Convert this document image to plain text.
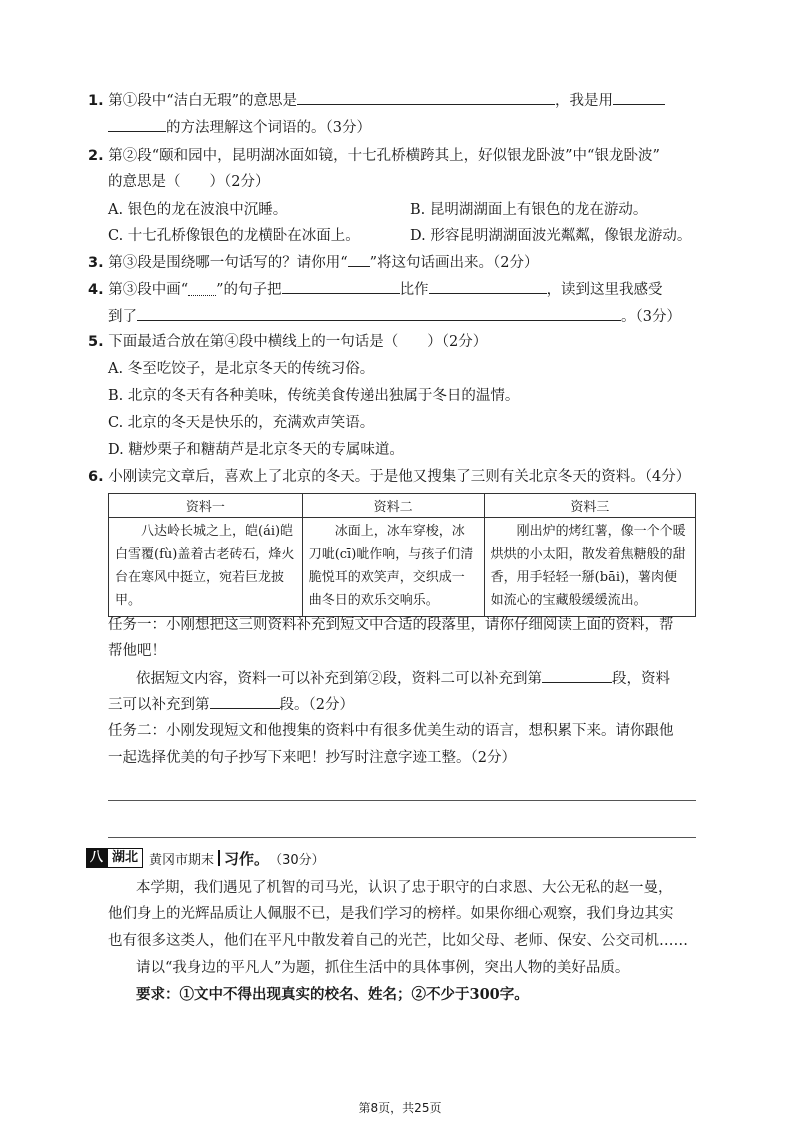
1. 第①段中“洁白无瑕”的意思是	，我是用
的方法理解这个词语的。（3分）
2. 第②段“颐和园中，昆明湖冰面如镜，十七孔桥横跨其上，好似银龙卧波”中“银龙卧波”
的意思是（　　）（2分）
A. 银色的龙在波浪中沉睡。	B. 昆明湖湖面上有银色的龙在游动。
C. 十七孔桥像银色的龙横卧在冰面上。	D. 形容昆明湖湖面波光粼粼，像银龙游动。
3. 第③段是围绕哪一句话写的？请你用“ ”将这句话画出来。（2分）
4. 第③段中画“ ”的句子把	比作	，读到这里我感受
到了	。（3分）
5. 下面最适合放在第④段中横线上的一句话是（　　）（2分）
A. 冬至吃饺子，是北京冬天的传统习俗。
B. 北京的冬天有各种美味，传统美食传递出独属于冬日的温情。
C. 北京的冬天是快乐的，充满欢声笑语。
D. 糖炒栗子和糖葫芦是北京冬天的专属味道。
6. 小刚读完文章后，喜欢上了北京的冬天。于是他又搜集了三则有关北京冬天的资料。（4分）
资料一	资料二	资料三
　　八达岭长城之上，皑(ái)皑白雪覆(fù)盖着古老砖石，烽火台在寒风中挺立，宛若巨龙披甲。	　　冰面上，冰车穿梭，冰刀呲(cī)呲作响，与孩子们清脆悦耳的欢笑声，交织成一曲冬日的欢乐交响乐。	　　刚出炉的烤红薯，像一个个暖烘烘的小太阳，散发着焦糖般的甜香，用手轻轻一掰(bāi)，薯肉便如流心的宝藏般缓缓流出。
任务一：小刚想把这三则资料补充到短文中合适的段落里，请你仔细阅读上面的资料，帮
帮他吧！
依据短文内容，资料一可以补充到第②段，资料二可以补充到第	段，资料
三可以补充到第	段。（2分）
任务二：小刚发现短文和他搜集的资料中有很多优美生动的语言，想积累下来。请你跟他
一起选择优美的句子抄写下来吧！抄写时注意字迹工整。（2分）
八 湖北 黄冈市期末 习作。 （30分）
本学期，我们遇见了机智的司马光，认识了忠于职守的白求恩、大公无私的赵一曼，
他们身上的光辉品质让人佩服不已，是我们学习的榜样。如果你细心观察，我们身边其实
也有很多这类人，他们在平凡中散发着自己的光芒，比如父母、老师、保安、公交司机……
请以“我身边的平凡人”为题，抓住生活中的具体事例，突出人物的美好品质。
要求：①文中不得出现真实的校名、姓名；②不少于300字。
第8页，共25页
